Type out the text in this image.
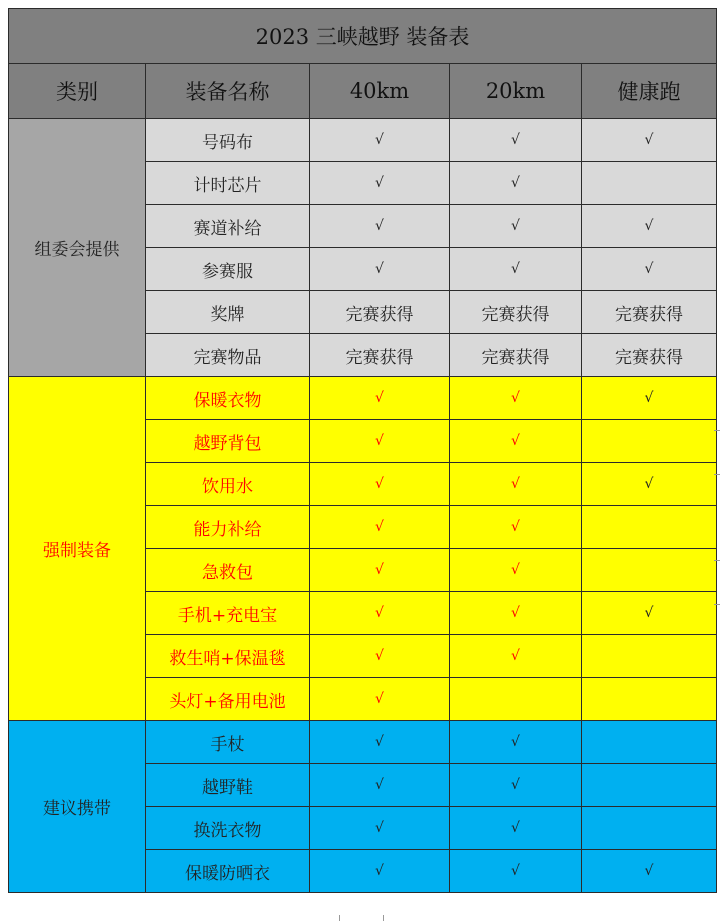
2023 三峡越野 装备表				
类别	装备名称	40km	20km	健康跑
组委会提供	号码布	√	√	√
	计时芯片	√	√	
	赛道补给	√	√	√
	参赛服	√	√	√
	奖牌	完赛获得	完赛获得	完赛获得
	完赛物品	完赛获得	完赛获得	完赛获得
强制装备	保暖衣物	√	√	√
	越野背包	√	√	
	饮用水	√	√	√
	能力补给	√	√	
	急救包	√	√	
	手机+充电宝	√	√	√
	救生哨+保温毯	√	√	
	头灯+备用电池	√		
建议携带	手杖	√	√	
	越野鞋	√	√	
	换洗衣物	√	√	
	保暖防晒衣	√	√	√
